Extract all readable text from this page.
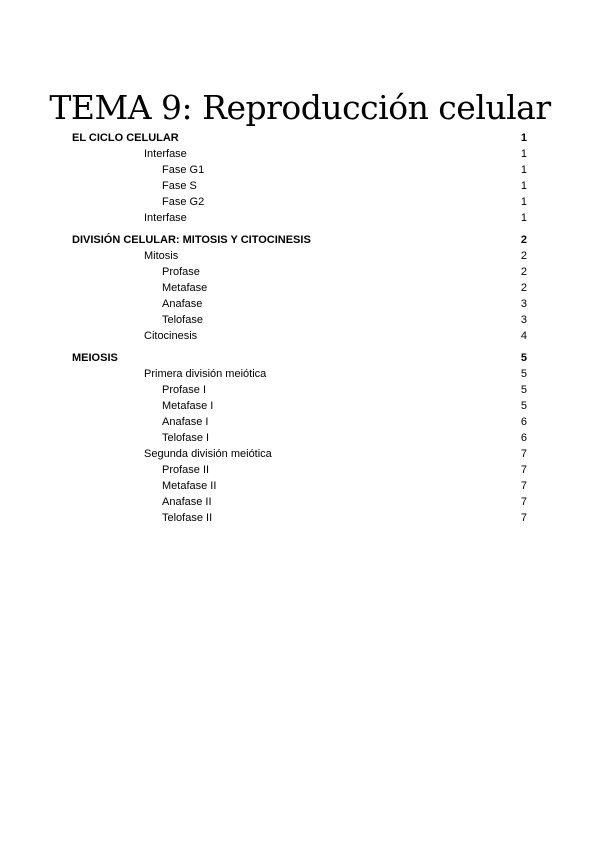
TEMA 9: Reproducción celular
EL CICLO CELULAR	1
Interfase	1
Fase G1	1
Fase S	1
Fase G2	1
Interfase	1
DIVISIÓN CELULAR: MITOSIS Y CITOCINESIS	2
Mitosis	2
Profase	2
Metafase	2
Anafase	3
Telofase	3
Citocinesis	4
MEIOSIS	5
Primera división meiótica	5
Profase I	5
Metafase I	5
Anafase I	6
Telofase I	6
Segunda división meiótica	7
Profase II	7
Metafase II	7
Anafase II	7
Telofase II	7
